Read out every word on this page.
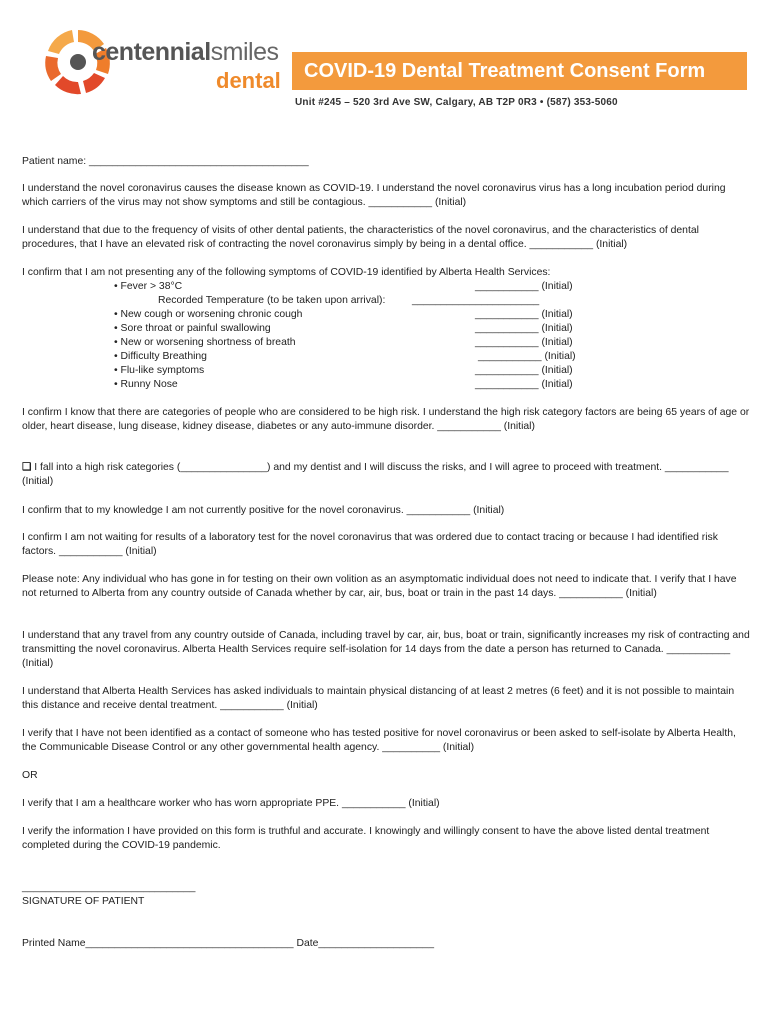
centennialsmiles
dental	COVID-19 Dental Treatment Consent Form
Unit #245 – 520 3rd Ave SW, Calgary, AB T2P 0R3 • (587) 353-5060
Patient name: ______________________________________
I understand the novel coronavirus causes the disease known as COVID-19. I understand the novel coronavirus virus has a long incubation period during which carriers of the virus may not show symptoms and still be contagious. ___________ (Initial)
I understand that due to the frequency of visits of other dental patients, the characteristics of the novel coronavirus, and the characteristics of dental procedures, that I have an elevated risk of contracting the novel coronavirus simply by being in a dental office. ___________ (Initial)
I confirm that I am not presenting any of the following symptoms of COVID-19 identified by Alberta Health Services:
• Fever > 38°C	___________ (Initial)
Recorded Temperature (to be taken upon arrival):	______________________
• New cough or worsening chronic cough	___________ (Initial)
• Sore throat or painful swallowing	___________ (Initial)
• New or worsening shortness of breath	___________ (Initial)
• Difficulty Breathing	___________ (Initial)
• Flu-like symptoms	___________ (Initial)
• Runny Nose	___________ (Initial)
I confirm I know that there are categories of people who are considered to be high risk. I understand the high risk category factors are being 65 years of age or older, heart disease, lung disease, kidney disease, diabetes or any auto-immune disorder. ___________ (Initial)
❑ I fall into a high risk categories (_______________) and my dentist and I will discuss the risks, and I will agree to proceed with treatment. ___________ (Initial)
I confirm that to my knowledge I am not currently positive for the novel coronavirus. ___________ (Initial)
I confirm I am not waiting for results of a laboratory test for the novel coronavirus that was ordered due to contact tracing or because I had identified risk factors. ___________ (Initial)
Please note: Any individual who has gone in for testing on their own volition as an asymptomatic individual does not need to indicate that. I verify that I have not returned to Alberta from any country outside of Canada whether by car, air, bus, boat or train in the past 14 days. ___________ (Initial)
I understand that any travel from any country outside of Canada, including travel by car, air, bus, boat or train, significantly increases my risk of contracting and transmitting the novel coronavirus. Alberta Health Services require self-isolation for 14 days from the date a person has returned to Canada. ___________ (Initial)
I understand that Alberta Health Services has asked individuals to maintain physical distancing of at least 2 metres (6 feet) and it is not possible to maintain this distance and receive dental treatment. ___________ (Initial)
I verify that I have not been identified as a contact of someone who has tested positive for novel coronavirus or been asked to self-isolate by Alberta Health, the Communicable Disease Control or any other governmental health agency. __________ (Initial)
OR
I verify that I am a healthcare worker who has worn appropriate PPE. ___________ (Initial)
I verify the information I have provided on this form is truthful and accurate. I knowingly and willingly consent to have the above listed dental treatment completed during the COVID-19 pandemic.
______________________________
SIGNATURE OF PATIENT
Printed Name____________________________________ Date____________________
